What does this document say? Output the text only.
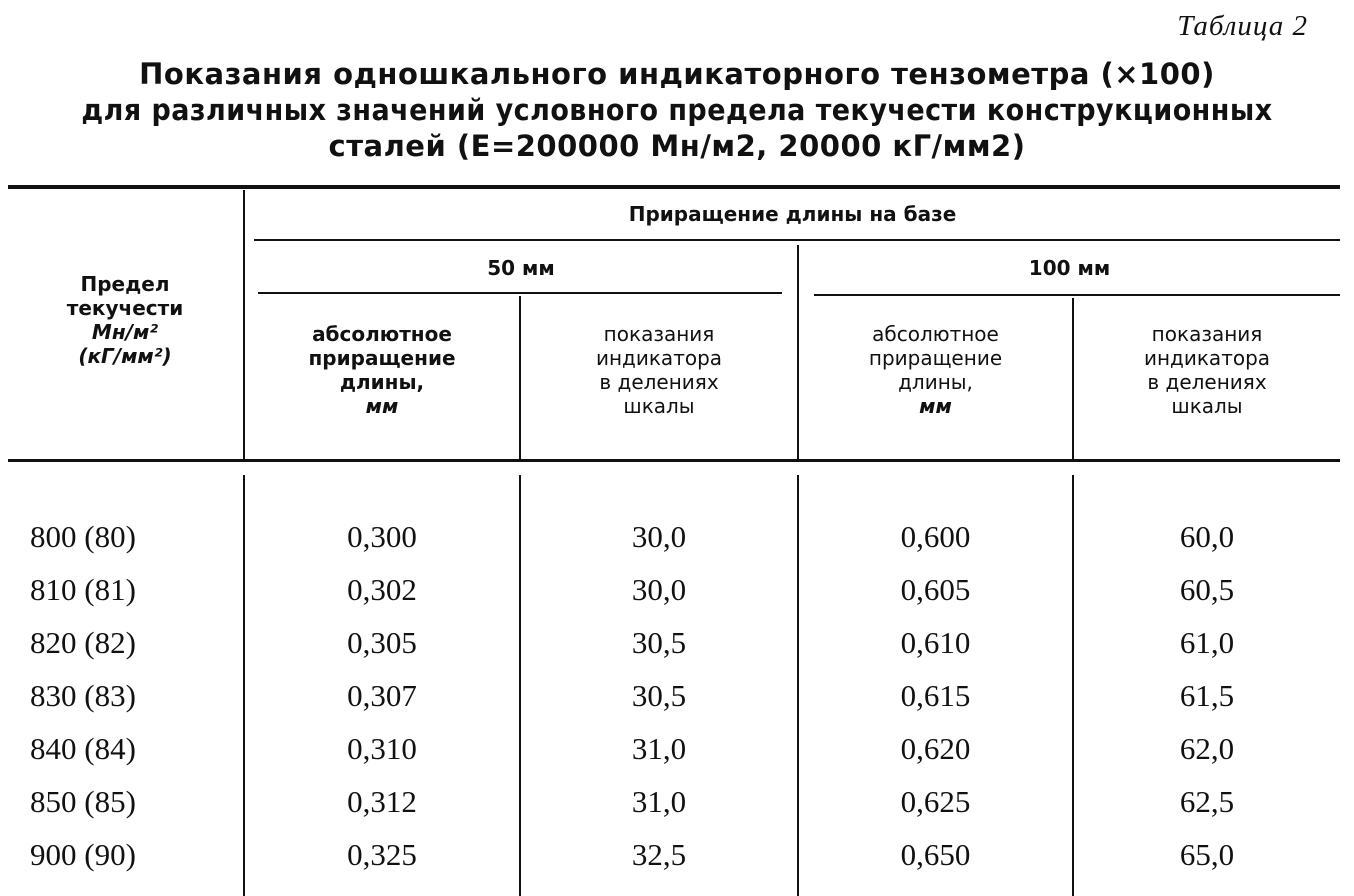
Таблица 2
Показания одношкального индикаторного тензометра (×100)
для различных значений условного предела текучести конструкционных
сталей (E=200000 Мн/м2, 20000 кГ/мм2)
Предел
текучести
Мн/м²
(кГ/мм²)
Приращение длины на базе
50 мм	100 мм
абсолютное
приращение
длины,
мм
показания
индикатора
в делениях
шкалы
абсолютное
приращение
длины,
мм
показания
индикатора
в делениях
шкалы
800 (80)	0,300	30,0	0,600	60,0
810 (81)	0,302	30,0	0,605	60,5
820 (82)	0,305	30,5	0,610	61,0
830 (83)	0,307	30,5	0,615	61,5
840 (84)	0,310	31,0	0,620	62,0
850 (85)	0,312	31,0	0,625	62,5
900 (90)	0,325	32,5	0,650	65,0
